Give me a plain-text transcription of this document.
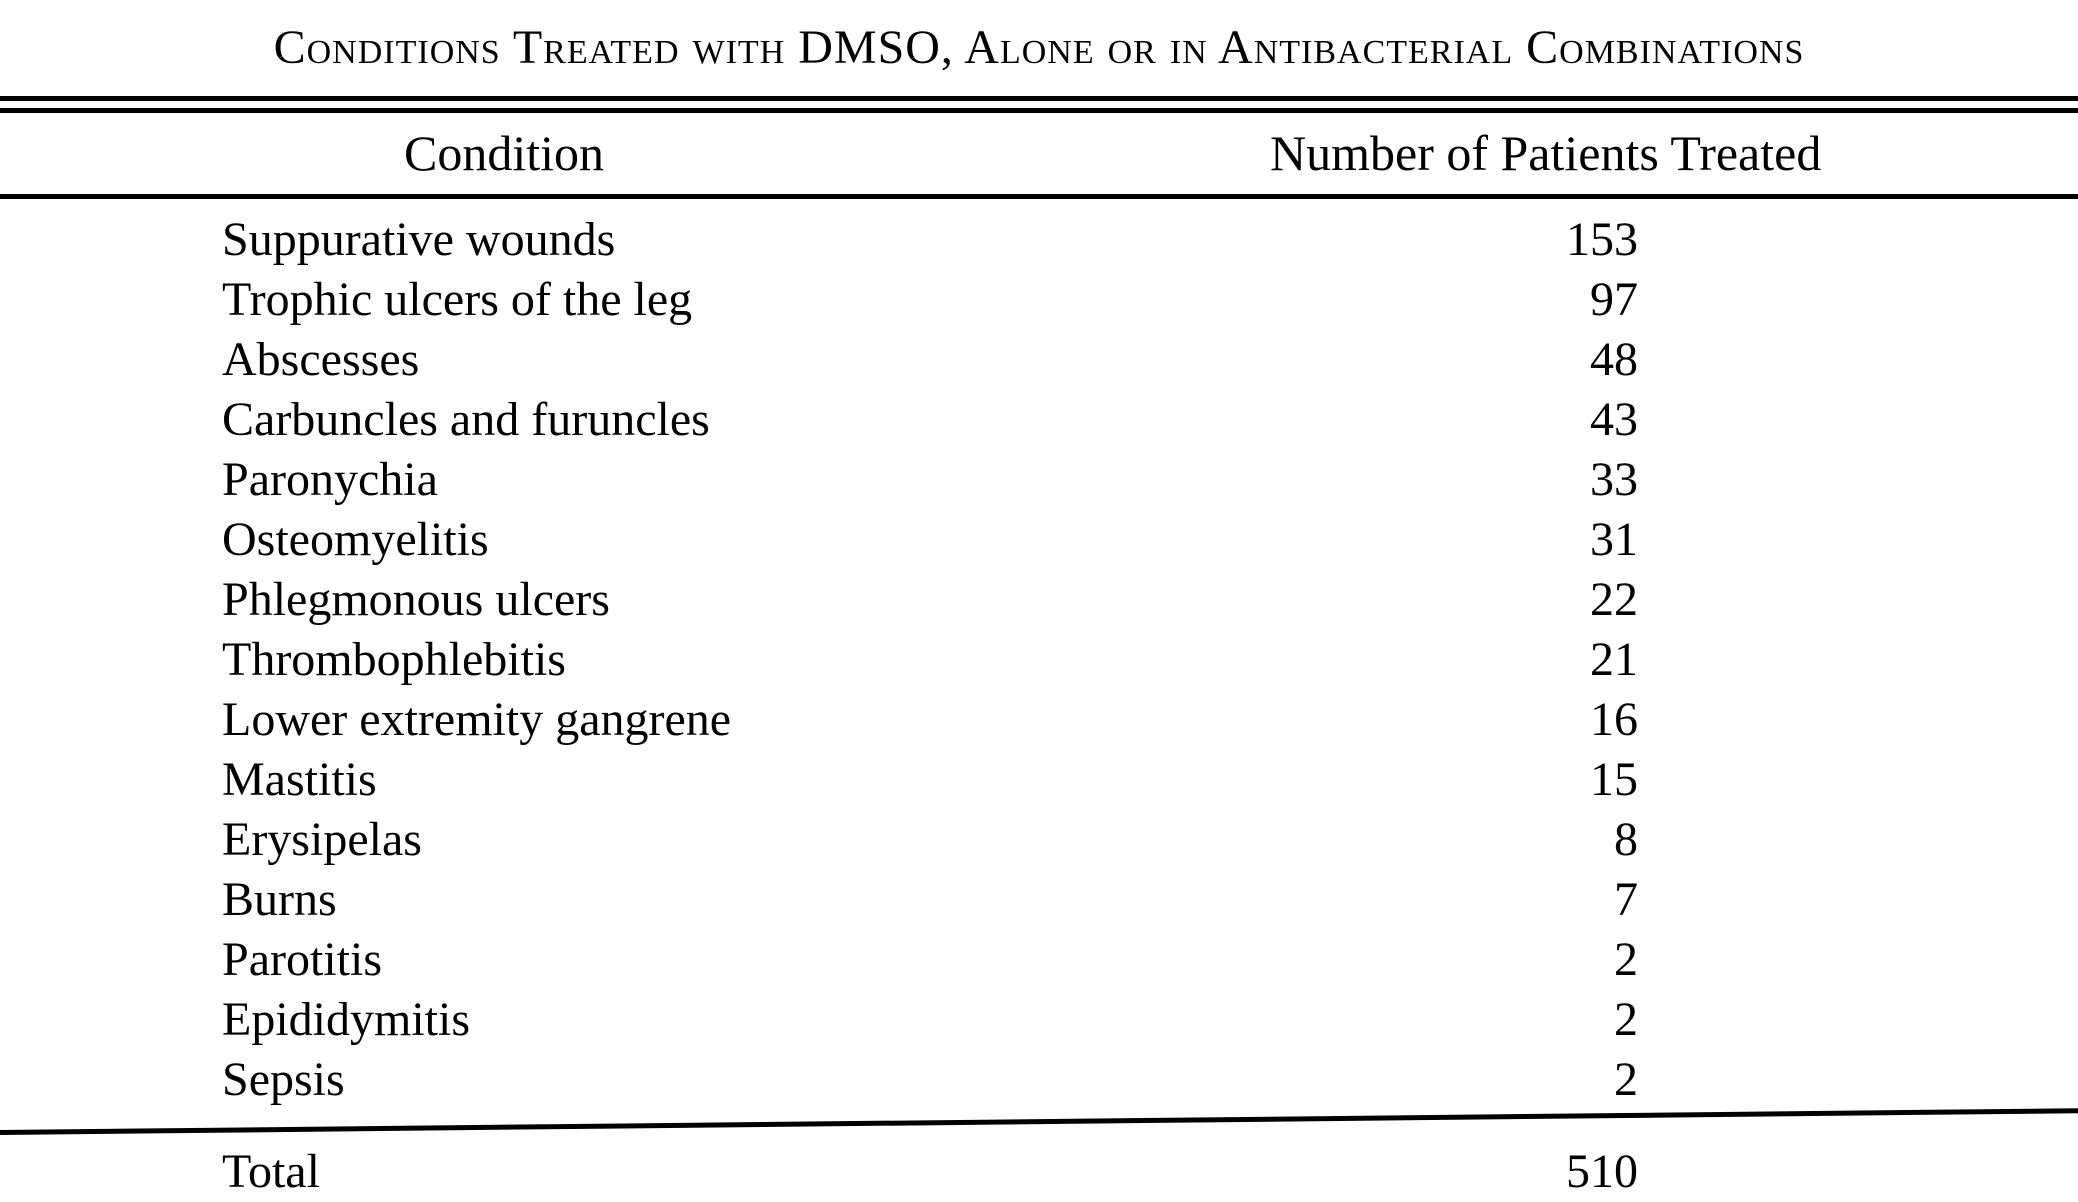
Conditions Treated with DMSO, Alone or in Antibacterial Combinations
Condition	Number of Patients Treated
Suppurative wounds	153
Trophic ulcers of the leg	97
Abscesses	48
Carbuncles and furuncles	43
Paronychia	33
Osteomyelitis	31
Phlegmonous ulcers	22
Thrombophlebitis	21
Lower extremity gangrene	16
Mastitis	15
Erysipelas	8
Burns	7
Parotitis	2
Epididymitis	2
Sepsis	2
Total	510
